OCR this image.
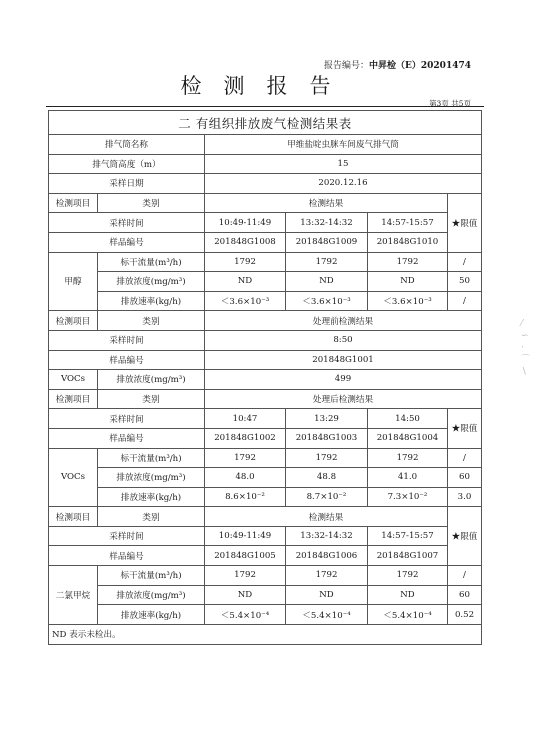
报告编号：中昇检（E）20201474
检测报告
第3页 共5页
二 有组织排放废气检测结果表					
排气筒名称		甲维盐啶虫脒车间废气排气筒			
排气筒高度（m）		15			
采样日期		2020.12.16			
检测项目	类别	检测结果			★限值
采样时间		10:49-11:49	13:32-14:32	14:57-15:57	
样品编号		201848G1008	201848G1009	201848G1010	
甲醇	标干流量(m³/h)	1792	1792	1792	/
	排放浓度(mg/m³)	ND	ND	ND	50
	排放速率(kg/h)	＜3.6×10⁻³	＜3.6×10⁻³	＜3.6×10⁻³	/
检测项目	类别	处理前检测结果			
采样时间		8:50			
样品编号		201848G1001			
VOCs	排放浓度(mg/m³)	499			
检测项目	类别	处理后检测结果			
采样时间		10:47	13:29	14:50	★限值
样品编号		201848G1002	201848G1003	201848G1004	
VOCs	标干流量(m³/h)	1792	1792	1792	/
	排放浓度(mg/m³)	48.0	48.8	41.0	60
	排放速率(kg/h)	8.6×10⁻²	8.7×10⁻²	7.3×10⁻²	3.0
检测项目	类别	检测结果			★限值
采样时间		10:49-11:49	13:32-14:32	14:57-15:57	
样品编号		201848G1005	201848G1006	201848G1007	
二氯甲烷	标干流量(m³/h)	1792	1792	1792	/
	排放浓度(mg/m³)	ND	ND	ND	60
	排放速率(kg/h)	＜5.4×10⁻⁴	＜5.4×10⁻⁴	＜5.4×10⁻⁴	0.52
ND 表示未检出。					
⁄
∽
‧
⌒
∖
